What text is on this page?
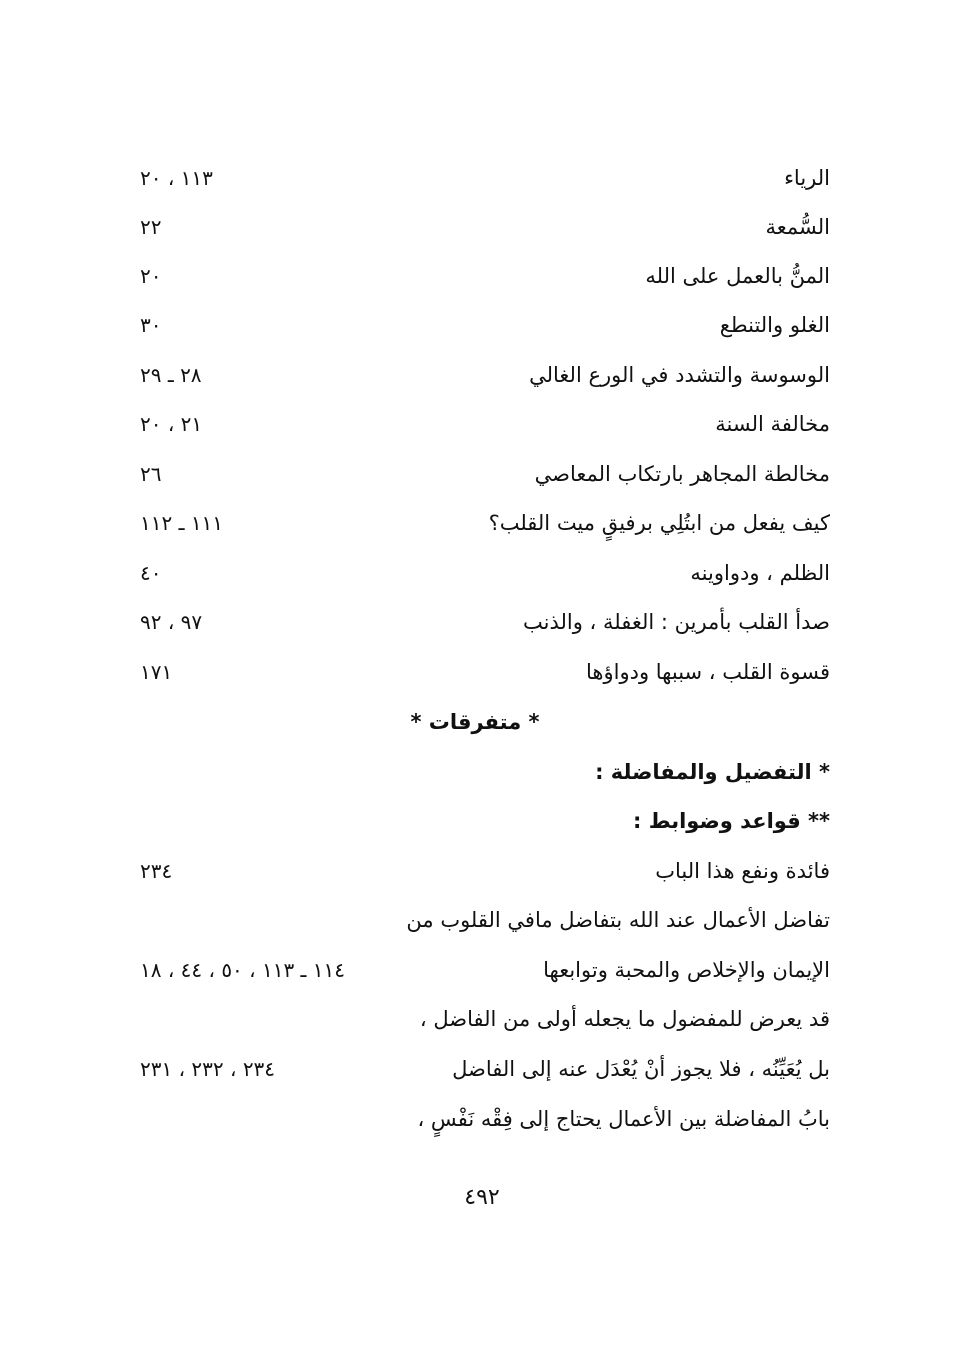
الرياء
١١٣ ، ٢٠
السُّمعة
٢٢
المنُّ بالعمل على الله
٢٠
الغلو والتنطع
٣٠
الوسوسة والتشدد في الورع الغالي
٢٨ ـ ٢٩
مخالفة السنة
٢١ ، ٢٠
مخالطة المجاهر بارتكاب المعاصي
٢٦
كيف يفعل من ابتُلِي برفيقٍ ميت القلب؟
١١١ ـ ١١٢
الظلم ، ودواوينه
٤٠
صدأ القلب بأمرين : الغفلة ، والذنب
٩٧ ، ٩٢
قسوة القلب ، سببها ودواؤها
١٧١
* متفرقات *
* التفضيل والمفاضلة :
** قواعد وضوابط :
فائدة ونفع هذا الباب
٢٣٤
تفاضل الأعمال عند الله بتفاضل مافي القلوب من
الإيمان والإخلاص والمحبة وتوابعها
١١٤ ـ ١١٣ ، ٥٠ ، ٤٤ ، ١٨
قد يعرض للمفضول ما يجعله أولى من الفاضل ،
بل يُعَيِّنُه ، فلا يجوز أنْ يُعْدَل عنه إلى الفاضل
٢٣٤ ، ٢٣٢ ، ٢٣١
بابُ المفاضلة بين الأعمال يحتاج إلى فِقْه نَفْسٍ ،
٤٩٢
